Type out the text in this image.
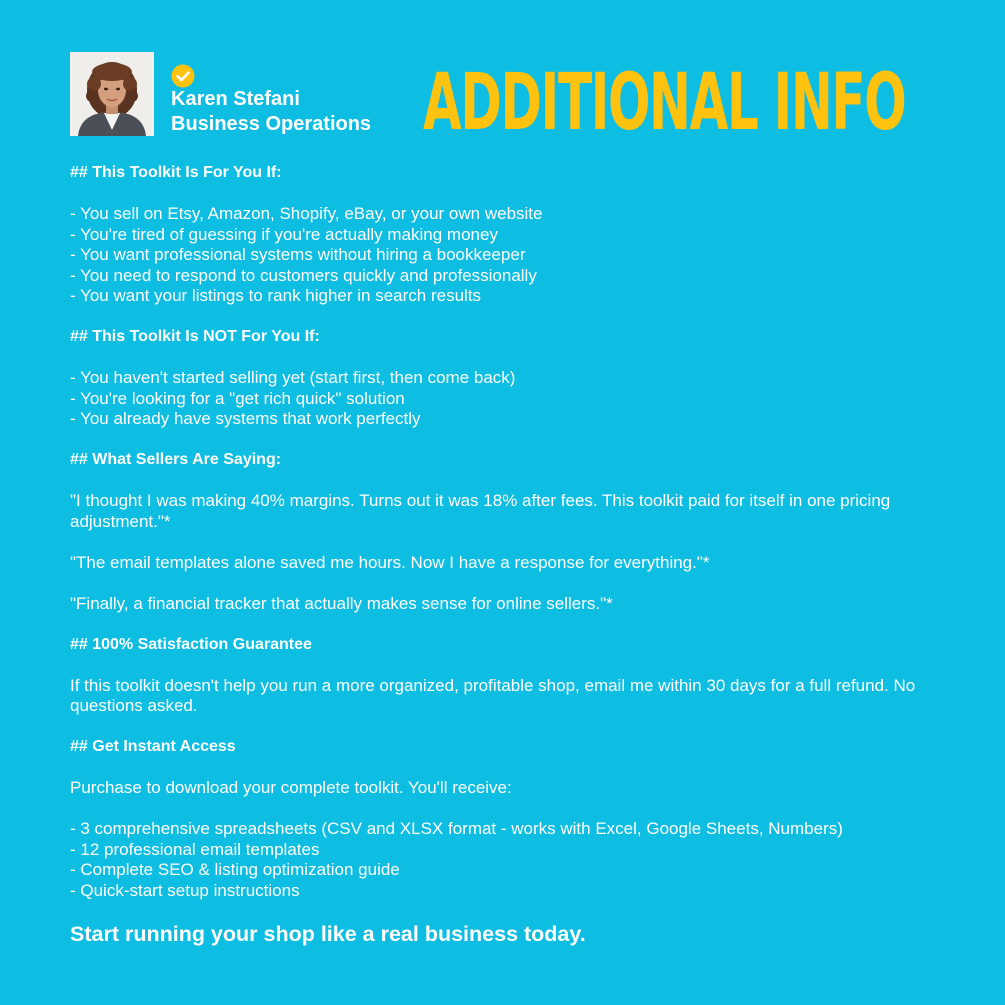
Karen Stefani
Business Operations ADDITIONAL INFO

## This Toolkit Is For You If:

- You sell on Etsy, Amazon, Shopify, eBay, or your own website
- You're tired of guessing if you're actually making money
- You want professional systems without hiring a bookkeeper
- You need to respond to customers quickly and professionally
- You want your listings to rank higher in search results

## This Toolkit Is NOT For You If:

- You haven't started selling yet (start first, then come back)
- You're looking for a "get rich quick" solution
- You already have systems that work perfectly

## What Sellers Are Saying:

"I thought I was making 40% margins. Turns out it was 18% after fees. This toolkit paid for itself in one pricing adjustment."*

"The email templates alone saved me hours. Now I have a response for everything."*

"Finally, a financial tracker that actually makes sense for online sellers."*

## 100% Satisfaction Guarantee

If this toolkit doesn't help you run a more organized, profitable shop, email me within 30 days for a full refund. No questions asked.

## Get Instant Access

Purchase to download your complete toolkit. You'll receive:

- 3 comprehensive spreadsheets (CSV and XLSX format - works with Excel, Google Sheets, Numbers)
- 12 professional email templates
- Complete SEO & listing optimization guide
- Quick-start setup instructions

Start running your shop like a real business today.
